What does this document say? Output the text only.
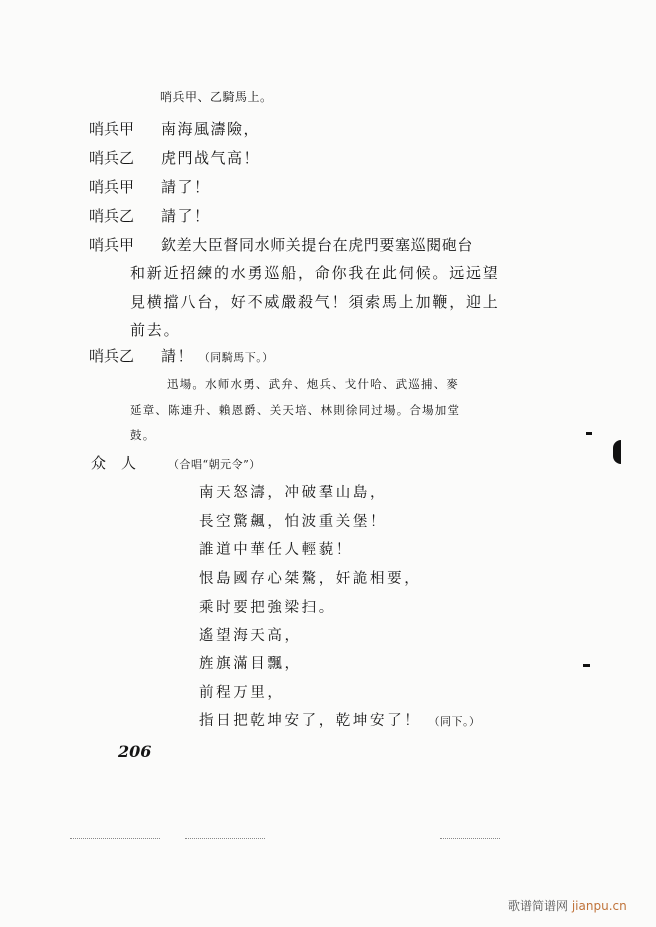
哨兵甲、乙騎馬上。
哨兵甲 南海風濤險，
哨兵乙 虎門战气高！
哨兵甲 請了！
哨兵乙 請了！
哨兵甲 欽差大臣督同水师关提台在虎門要塞巡閱砲台
和新近招練的水勇巡船，命你我在此伺候。远远望
見横擋八台，好不威嚴殺气！須索馬上加鞭，迎上
前去。
哨兵乙 請！ （同騎馬下。）
迅場。水师水勇、武弁、炮兵、戈什哈、武巡捕、麥
延章、陈連升、賴恩爵、关天培、林則徐同过場。合場加堂
鼓。
众　人	（合唱“朝元令”）
南天怒濤，冲破羣山島，
長空驚飆，怕波重关堡！
誰道中華任人輕藐！
恨島國存心桀驁，奸詭相要，
乘时要把強梁扫。
遙望海天高，
旌旗滿目飄，
前程万里，
指日把乾坤安了，乾坤安了！ （同下。）
206
歌谱简谱网 jianpu.cn
